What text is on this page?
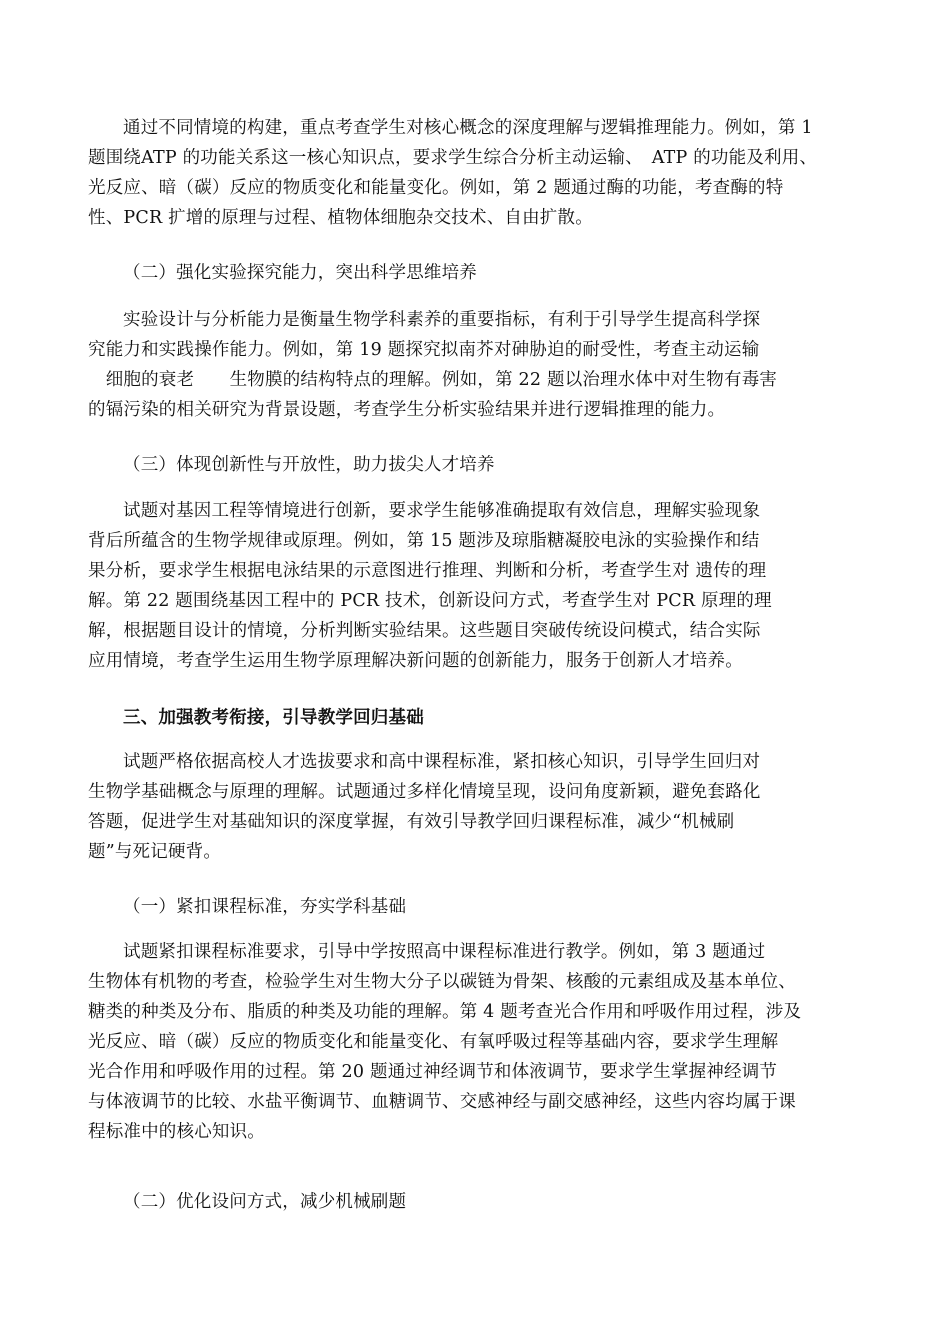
通过不同情境的构建，重点考查学生对核心概念的深度理解与逻辑推理能力。例如，第 1
题围绕ATP 的功能关系这一核心知识点，要求学生综合分析主动运输、　ATP 的功能及利用、
光反应、暗（碳）反应的物质变化和能量变化。例如，第 2 题通过酶的功能，考查酶的特
性、PCR 扩增的原理与过程、植物体细胞杂交技术、自由扩散。
（二）强化实验探究能力，突出科学思维培养
实验设计与分析能力是衡量生物学科素养的重要指标，有利于引导学生提高科学探
究能力和实践操作能力。例如，第 19 题探究拟南芥对砷胁迫的耐受性，考查主动运输
　细胞的衰老　　生物膜的结构特点的理解。例如，第 22 题以治理水体中对生物有毒害
的镉污染的相关研究为背景设题，考查学生分析实验结果并进行逻辑推理的能力。
（三）体现创新性与开放性，助力拔尖人才培养
试题对基因工程等情境进行创新，要求学生能够准确提取有效信息，理解实验现象
背后所蕴含的生物学规律或原理。例如，第 15 题涉及琼脂糖凝胶电泳的实验操作和结
果分析，要求学生根据电泳结果的示意图进行推理、判断和分析，考查学生对 遗传的理
解。第 22 题围绕基因工程中的 PCR 技术，创新设问方式，考查学生对 PCR 原理的理
解，根据题目设计的情境，分析判断实验结果。这些题目突破传统设问模式，结合实际
应用情境，考查学生运用生物学原理解决新问题的创新能力，服务于创新人才培养。
三、加强教考衔接，引导教学回归基础
试题严格依据高校人才选拔要求和高中课程标准，紧扣核心知识，引导学生回归对
生物学基础概念与原理的理解。试题通过多样化情境呈现，设问角度新颖，避免套路化
答题，促进学生对基础知识的深度掌握，有效引导教学回归课程标准，减少“机械刷
题”与死记硬背。
（一）紧扣课程标准，夯实学科基础
试题紧扣课程标准要求，引导中学按照高中课程标准进行教学。例如，第 3 题通过
生物体有机物的考查，检验学生对生物大分子以碳链为骨架、核酸的元素组成及基本单位、
糖类的种类及分布、脂质的种类及功能的理解。第 4 题考查光合作用和呼吸作用过程，涉及
光反应、暗（碳）反应的物质变化和能量变化、有氧呼吸过程等基础内容，要求学生理解
光合作用和呼吸作用的过程。第 20 题通过神经调节和体液调节，要求学生掌握神经调节
与体液调节的比较、水盐平衡调节、血糖调节、交感神经与副交感神经，这些内容均属于课
程标准中的核心知识。
（二）优化设问方式，减少机械刷题
